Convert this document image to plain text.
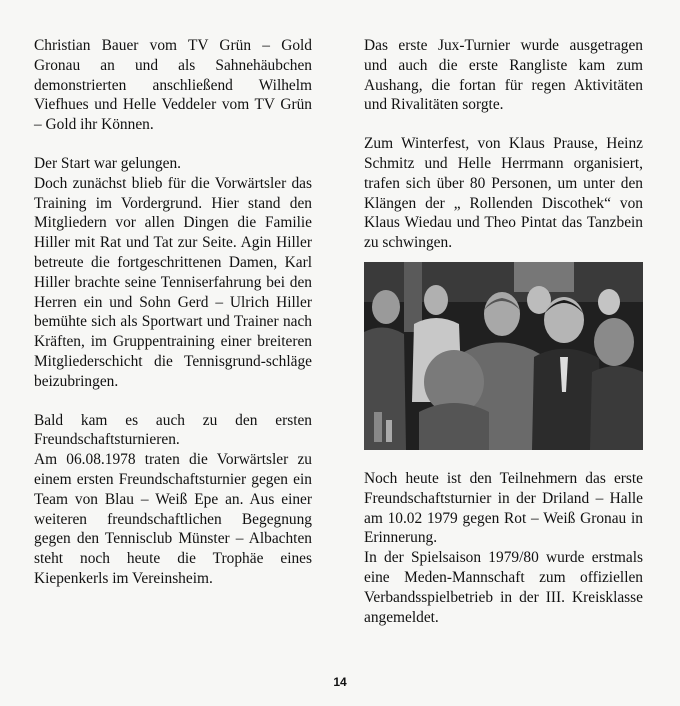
Christian Bauer vom TV Grün – Gold Gronau an und als Sahnehäubchen demonstrierten anschließend Wilhelm Viefhues und Helle Veddeler vom TV Grün – Gold ihr Können.

Der Start war gelungen.

Doch zunächst blieb für die Vorwärtsler das Training im Vordergrund. Hier stand den Mitgliedern vor allen Dingen die Familie Hiller mit Rat und Tat zur Seite. Agin Hiller betreute die fortgeschrittenen Damen, Karl Hiller brachte seine Tenniserfahrung bei den Herren ein und Sohn Gerd – Ulrich Hiller bemühte sich als Sportwart und Trainer nach Kräften, im Gruppentraining einer breiteren Mitgliederschicht die Tennisgrund-schläge beizubringen.

Bald kam es auch zu den ersten Freundschaftsturnieren.

Am 06.08.1978 traten die Vorwärtsler zu einem ersten Freundschaftsturnier gegen ein Team von Blau – Weiß Epe an. Aus einer weiteren freundschaftlichen Begegnung gegen den Tennisclub Münster – Albachten steht noch heute die Trophäe eines Kiepenkerls im Vereinsheim.

Das erste Jux-Turnier wurde ausgetragen und auch die erste Rangliste kam zum Aushang, die fortan für regen Aktivitäten und Rivalitäten sorgte.

Zum Winterfest, von Klaus Prause, Heinz Schmitz und Helle Herrmann organisiert, trafen sich über 80 Personen, um unter den Klängen der „ Rollenden Discothek“ von Klaus Wiedau und Theo Pintat das Tanzbein zu schwingen.

Noch heute ist den Teilnehmern das erste Freundschaftsturnier in der Driland – Halle am 10.02 1979 gegen Rot – Weiß Gronau in Erinnerung.

In der Spielsaison 1979/80 wurde erstmals eine Meden-Mannschaft zum offiziellen Verbandsspielbetrieb in der III. Kreisklasse angemeldet.

14
